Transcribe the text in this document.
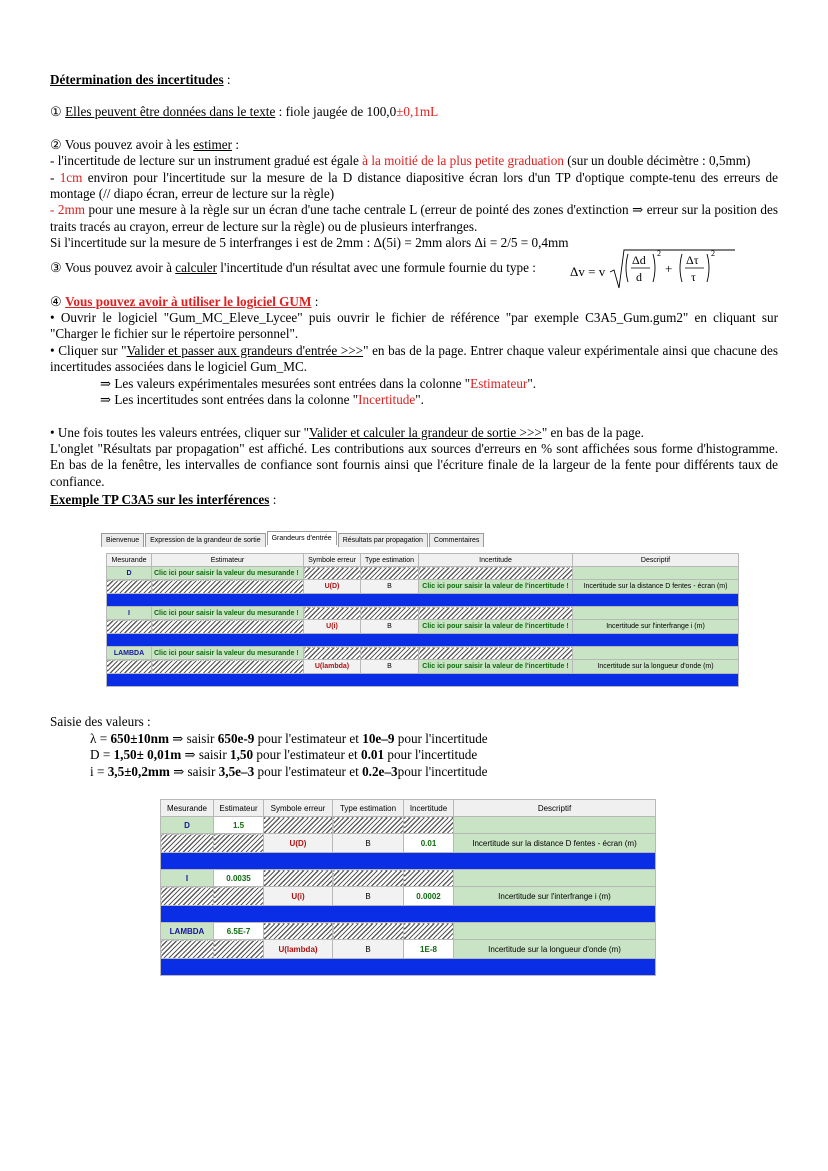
Détermination des incertitudes :

① Elles peuvent être données dans le texte : fiole jaugée de 100,0±0,1mL

② Vous pouvez avoir à les estimer :

- l'incertitude de lecture sur un instrument gradué est égale à la moitié de la plus petite graduation (sur un double décimètre : 0,5mm)

- 1cm environ pour l'incertitude sur la mesure de la D distance diapositive écran lors d'un TP d'optique compte-tenu des erreurs de montage (// diapo écran, erreur de lecture sur la règle)

- 2mm pour une mesure à la règle sur un écran d'une tache centrale L (erreur de pointé des zones d'extinction ⇒ erreur sur la position des traits tracés au crayon, erreur de lecture sur la règle) ou de plusieurs interfranges.

Si l'incertitude sur la mesure de 5 interfranges i est de 2mm : Δ(5i) = 2mm alors Δi = 2/5 = 0,4mm

③ Vous pouvez avoir à calculer l'incertitude d'un résultat avec une formule fournie du type :	Δv = v
Δd
d
2
+
Δτ
τ
2

④ Vous pouvez avoir à utiliser le logiciel GUM :

• Ouvrir le logiciel "Gum_MC_Eleve_Lycee" puis ouvrir le fichier de référence "par exemple C3A5_Gum.gum2" en cliquant sur "Charger le fichier sur le répertoire personnel".

• Cliquer sur "Valider et passer aux grandeurs d'entrée >>>" en bas de la page. Entrer chaque valeur expérimentale ainsi que chacune des incertitudes associées dans le logiciel Gum_MC.

⇒ Les valeurs expérimentales mesurées sont entrées dans la colonne "Estimateur".

⇒ Les incertitudes sont entrées dans la colonne "Incertitude".

• Une fois toutes les valeurs entrées, cliquer sur "Valider et calculer la grandeur de sortie >>>" en bas de la page.

L'onglet "Résultats par propagation" est affiché. Les contributions aux sources d'erreurs en % sont affichées sous forme d'histogramme. En bas de la fenêtre, les intervalles de confiance sont fournis ainsi que l'écriture finale de la largeur de la fente pour différents taux de confiance.

Exemple TP C3A5 sur les interférences :

Bienvenue	Expression de la grandeur de sortie	Grandeurs d'entrée	Résultats par propagation	Commentaires
Mesurande	Estimateur	Symbole erreur	Type estimation	Incertitude	Descriptif
D	Clic ici pour saisir la valeur du mesurande !				
		U(D)	B	Clic ici pour saisir la valeur de l'incertitude !	Incertitude sur la distance D fentes - écran (m)

I	Clic ici pour saisir la valeur du mesurande !				
		U(i)	B	Clic ici pour saisir la valeur de l'incertitude !	Incertitude sur l'interfrange i (m)

LAMBDA	Clic ici pour saisir la valeur du mesurande !				
		U(lambda)	B	Clic ici pour saisir la valeur de l'incertitude !	Incertitude sur la longueur d'onde (m)

Saisie des valeurs :

λ = 650±10nm ⇒ saisir 650e-9 pour l'estimateur et 10e–9 pour l'incertitude

D = 1,50± 0,01m ⇒ saisir 1,50 pour l'estimateur et 0.01 pour l'incertitude

i = 3,5±0,2mm ⇒ saisir 3,5e–3 pour l'estimateur et 0.2e–3pour l'incertitude

Mesurande	Estimateur	Symbole erreur	Type estimation	Incertitude	Descriptif
D	1.5				
		U(D)	B	0.01	Incertitude sur la distance D fentes - écran (m)

I	0.0035				
		U(i)	B	0.0002	Incertitude sur l'interfrange i (m)

LAMBDA	6.5E-7				
		U(lambda)	B	1E-8	Incertitude sur la longueur d'onde (m)
